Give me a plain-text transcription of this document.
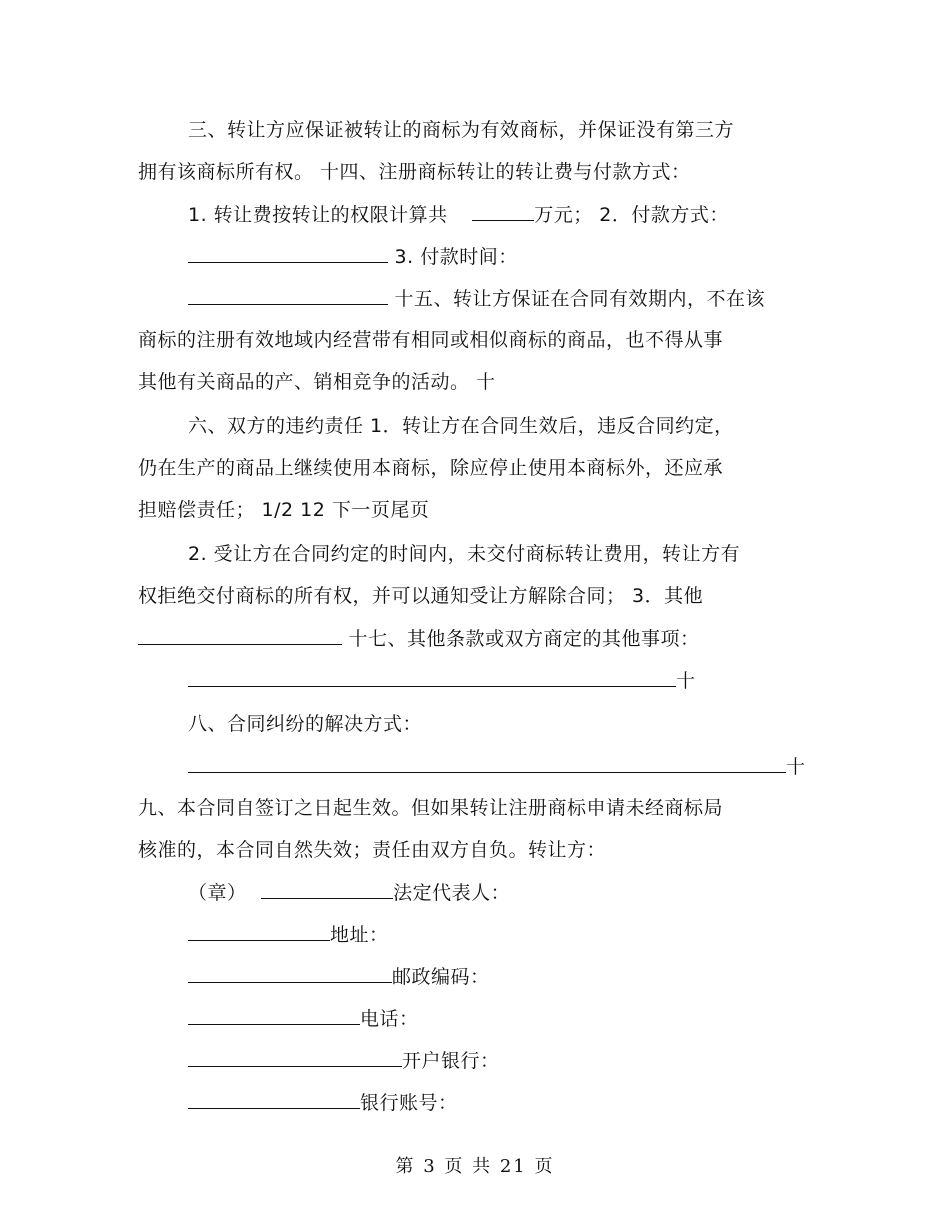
三、转让方应保证被转让的商标为有效商标，并保证没有第三方
拥有该商标所有权。 十四、注册商标转让的转让费与付款方式：
1. 转让费按转让的权限计算共	万元； 2．付款方式：
3. 付款时间：
十五、转让方保证在合同有效期内，不在该
商标的注册有效地域内经营带有相同或相似商标的商品，也不得从事
其他有关商品的产、销相竞争的活动。 十
六、双方的违约责任 1．转让方在合同生效后，违反合同约定，
仍在生产的商品上继续使用本商标，除应停止使用本商标外，还应承
担赔偿责任； 1/2 12 下一页尾页
2. 受让方在合同约定的时间内，未交付商标转让费用，转让方有
权拒绝交付商标的所有权，并可以通知受让方解除合同； 3．其他
十七、其他条款或双方商定的其他事项：
十
八、合同纠纷的解决方式：
十
九、本合同自签订之日起生效。但如果转让注册商标申请未经商标局
核准的，本合同自然失效；责任由双方自负。转让方：
（章）	法定代表人：
地址：
邮政编码：
电话：
开户银行：
银行账号：
第 3 页 共 21 页
